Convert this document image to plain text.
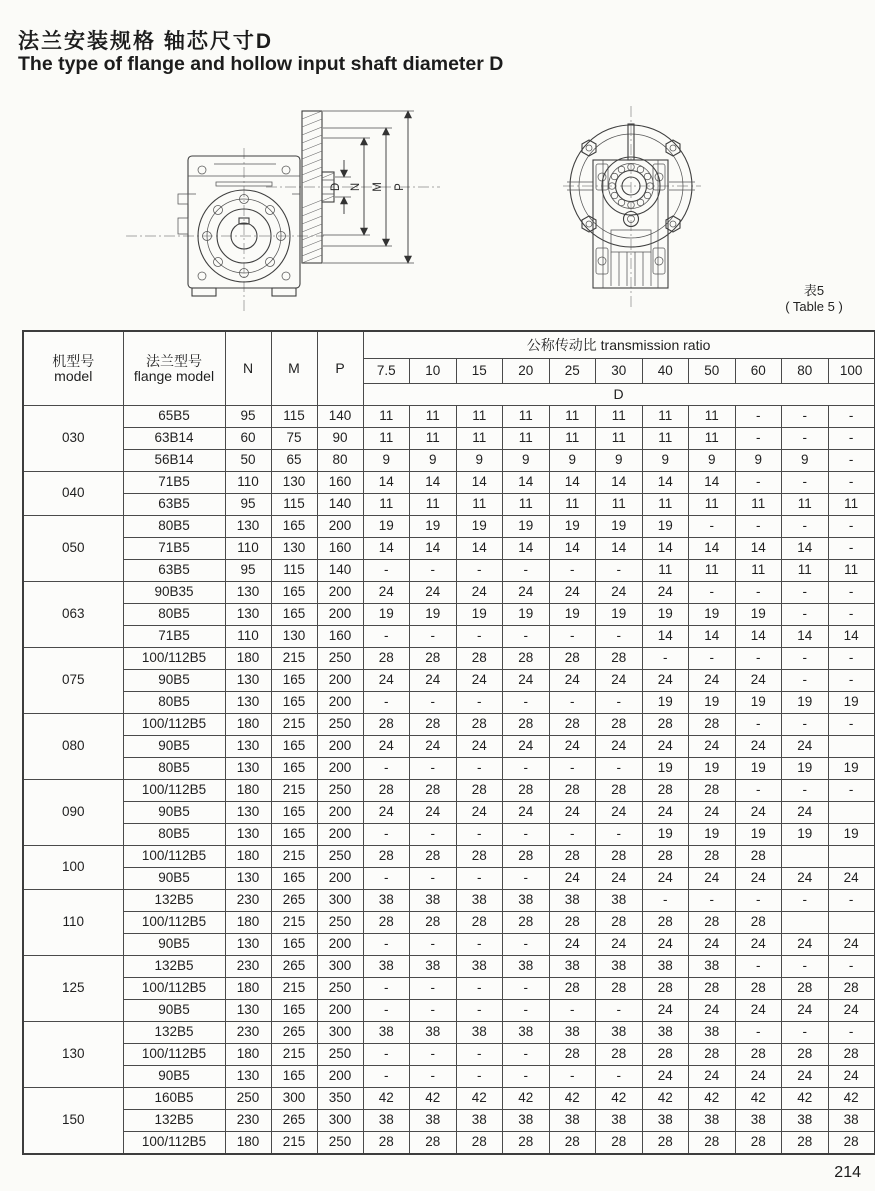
法兰安装规格 轴芯尺寸D
The type of flange and hollow input shaft diameter D
D N M P
表5
( Table 5 )
机型号
model	法兰型号
flange model	N	M	P	公称传动比 transmission ratio										
					7.5	10	15	20	25	30	40	50	60	80	100
					D										
030	65B5	95	115	140	11	11	11	11	11	11	11	11	-	-	-
	63B14	60	75	90	11	11	11	11	11	11	11	11	-	-	-
	56B14	50	65	80	9	9	9	9	9	9	9	9	9	9	-
040	71B5	110	130	160	14	14	14	14	14	14	14	14	-	-	-
	63B5	95	115	140	11	11	11	11	11	11	11	11	11	11	11
050	80B5	130	165	200	19	19	19	19	19	19	19	-	-	-	-
	71B5	110	130	160	14	14	14	14	14	14	14	14	14	14	-
	63B5	95	115	140	-	-	-	-	-	-	11	11	11	11	11
063	90B35	130	165	200	24	24	24	24	24	24	24	-	-	-	-
	80B5	130	165	200	19	19	19	19	19	19	19	19	19	-	-
	71B5	110	130	160	-	-	-	-	-	-	14	14	14	14	14
075	100/112B5	180	215	250	28	28	28	28	28	28	-	-	-	-	-
	90B5	130	165	200	24	24	24	24	24	24	24	24	24	-	-
	80B5	130	165	200	-	-	-	-	-	-	19	19	19	19	19
080	100/112B5	180	215	250	28	28	28	28	28	28	28	28	-	-	-
	90B5	130	165	200	24	24	24	24	24	24	24	24	24	24	
	80B5	130	165	200	-	-	-	-	-	-	19	19	19	19	19
090	100/112B5	180	215	250	28	28	28	28	28	28	28	28	-	-	-
	90B5	130	165	200	24	24	24	24	24	24	24	24	24	24	
	80B5	130	165	200	-	-	-	-	-	-	19	19	19	19	19
100	100/112B5	180	215	250	28	28	28	28	28	28	28	28	28		
	90B5	130	165	200	-	-	-	-	24	24	24	24	24	24	24
110	132B5	230	265	300	38	38	38	38	38	38	-	-	-	-	-
	100/112B5	180	215	250	28	28	28	28	28	28	28	28	28		
	90B5	130	165	200	-	-	-	-	24	24	24	24	24	24	24
125	132B5	230	265	300	38	38	38	38	38	38	38	38	-	-	-
	100/112B5	180	215	250	-	-	-	-	28	28	28	28	28	28	28
	90B5	130	165	200	-	-	-	-	-	-	24	24	24	24	24
130	132B5	230	265	300	38	38	38	38	38	38	38	38	-	-	-
	100/112B5	180	215	250	-	-	-	-	28	28	28	28	28	28	28
	90B5	130	165	200	-	-	-	-	-	-	24	24	24	24	24
150	160B5	250	300	350	42	42	42	42	42	42	42	42	42	42	42
	132B5	230	265	300	38	38	38	38	38	38	38	38	38	38	38
	100/112B5	180	215	250	28	28	28	28	28	28	28	28	28	28	28
214
